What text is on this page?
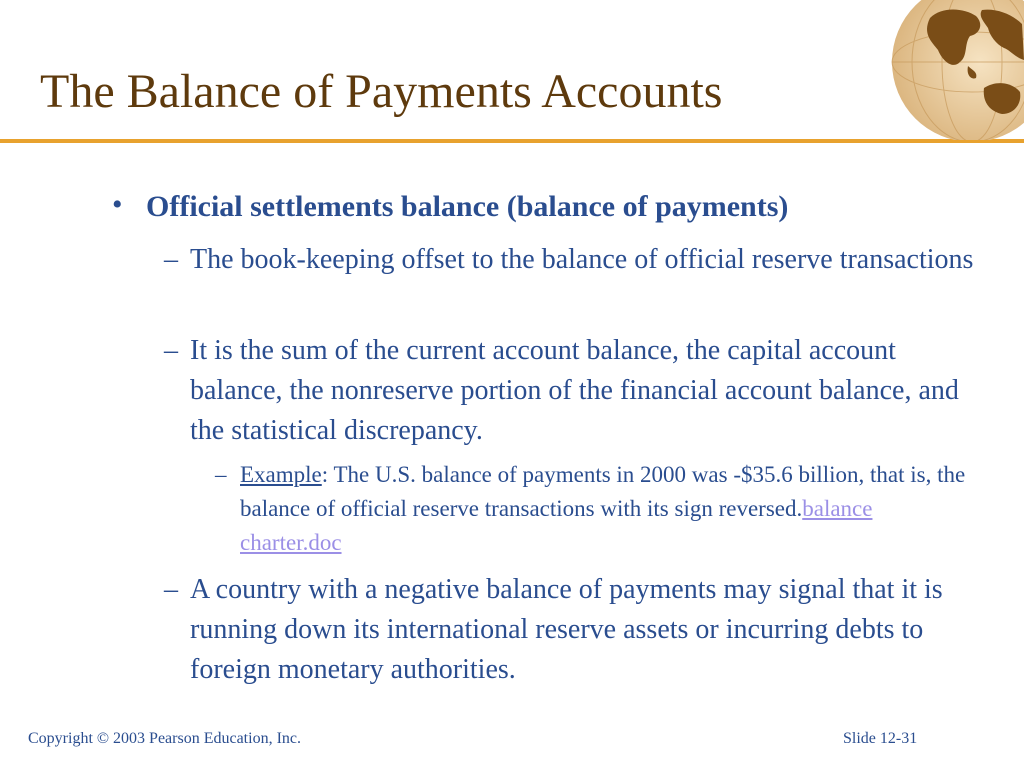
The Balance of Payments Accounts
• Official settlements balance (balance of payments)
– The book-keeping offset to the balance of official reserve transactions
– It is the sum of the current account balance, the capital account balance, the nonreserve portion of the financial account balance, and the statistical discrepancy.
– Example: The U.S. balance of payments in 2000 was -$35.6 billion, that is, the balance of official reserve transactions with its sign reversed.balance charter.doc
– A country with a negative balance of payments may signal that it is running down its international reserve assets or incurring debts to foreign monetary authorities.
Copyright © 2003 Pearson Education, Inc.	Slide 12-31
